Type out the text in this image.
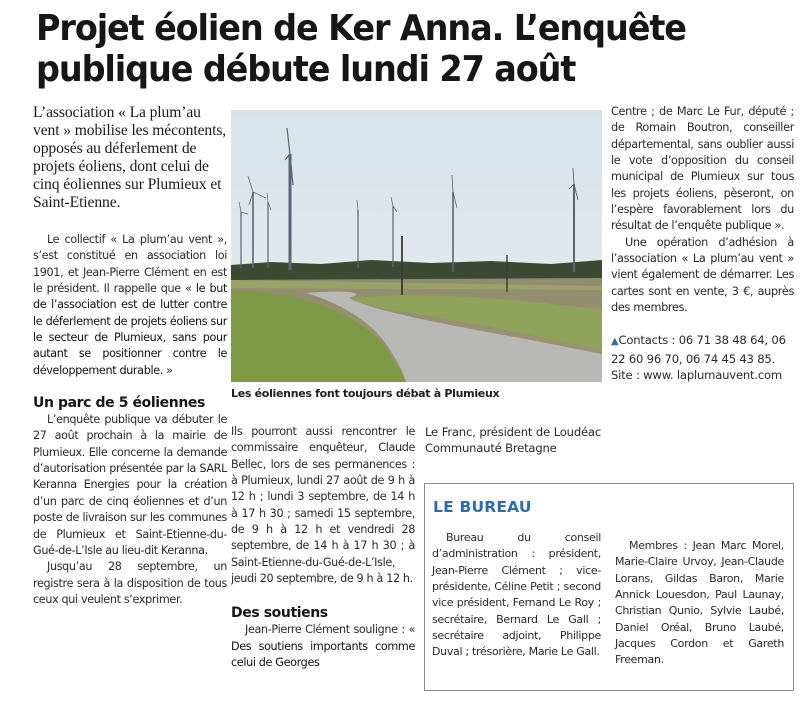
Projet éolien de Ker Anna. L’enquête
publique débute lundi 27 août

L’association « La plum’au vent » mobilise les mécontents, opposés au déferlement de projets éoliens, dont celui de cinq éoliennes sur Plumieux et Saint-Etienne.

Le collectif « La plum’au vent », s’est constitué en association loi 1901, et Jean-Pierre Clément en est le président. Il rappelle que « le but de l’association est de lutter contre le déferlement de projets éoliens sur le secteur de Plumieux, sans pour autant se positionner contre le développement durable. »

Un parc de 5 éoliennes

L’enquête publique va débuter le 27 août prochain à la mairie de Plumieux. Elle concerne la demande d’autorisation présentée par la SARL Keranna Energies pour la création d’un parc de cinq éoliennes et d’un poste de livraison sur les communes de Plumieux et Saint-Etienne-du-Gué-de-L’Isle au lieu-dit Keranna.

Jusqu’au 28 septembre, un registre sera à la disposition de tous ceux qui veulent s’exprimer.

Les éoliennes font toujours débat à Plumieux

Ils pourront aussi rencontrer le commissaire enquêteur, Claude Bellec, lors de ses permanences : à Plumieux, lundi 27 août de 9 h à 12 h ; lundi 3 septembre, de 14 h à 17 h 30 ; samedi 15 septembre, de 9 h à 12 h et vendredi 28 septembre, de 14 h à 17 h 30 ; à Saint-Etienne-du-Gué-de-L’Isle, jeudi 20 septembre, de 9 h à 12 h.

Des soutiens

Jean-Pierre Clément souligne : « Des soutiens importants comme celui de Georges

Le Franc, président de Loudéac Communauté Bretagne

Centre ; de Marc Le Fur, député ; de Romain Boutron, conseiller départemental, sans oublier aussi le vote d’opposition du conseil municipal de Plumieux sur tous les projets éoliens, pèseront, on l’espère favorablement lors du résultat de l’enquête publique ».

Une opération d’adhésion à l’association « La plum’au vent » vient également de démarrer. Les cartes sont en vente, 3 €, auprès des membres.

▲Contacts : 06 71 38 48 64, 06 22 60 96 70, 06 74 45 43 85. Site : www. laplumauvent.com

LE BUREAU

Bureau du conseil d’administration : président, Jean-Pierre Clément ; vice-présidente, Céline Petit ; second vice président, Fernand Le Roy ; secrétaire, Bernard Le Gall ; secrétaire adjoint, Philippe Duval ; trésorière, Marie Le Gall.

Membres : Jean Marc Morel, Marie-Claire Urvoy, Jean-Claude Lorans, Gildas Baron, Marie Annick Louesdon, Paul Launay, Christian Qunio, Sylvie Laubé, Daniel Oréal, Bruno Laubé, Jacques Cordon et Gareth Freeman.
